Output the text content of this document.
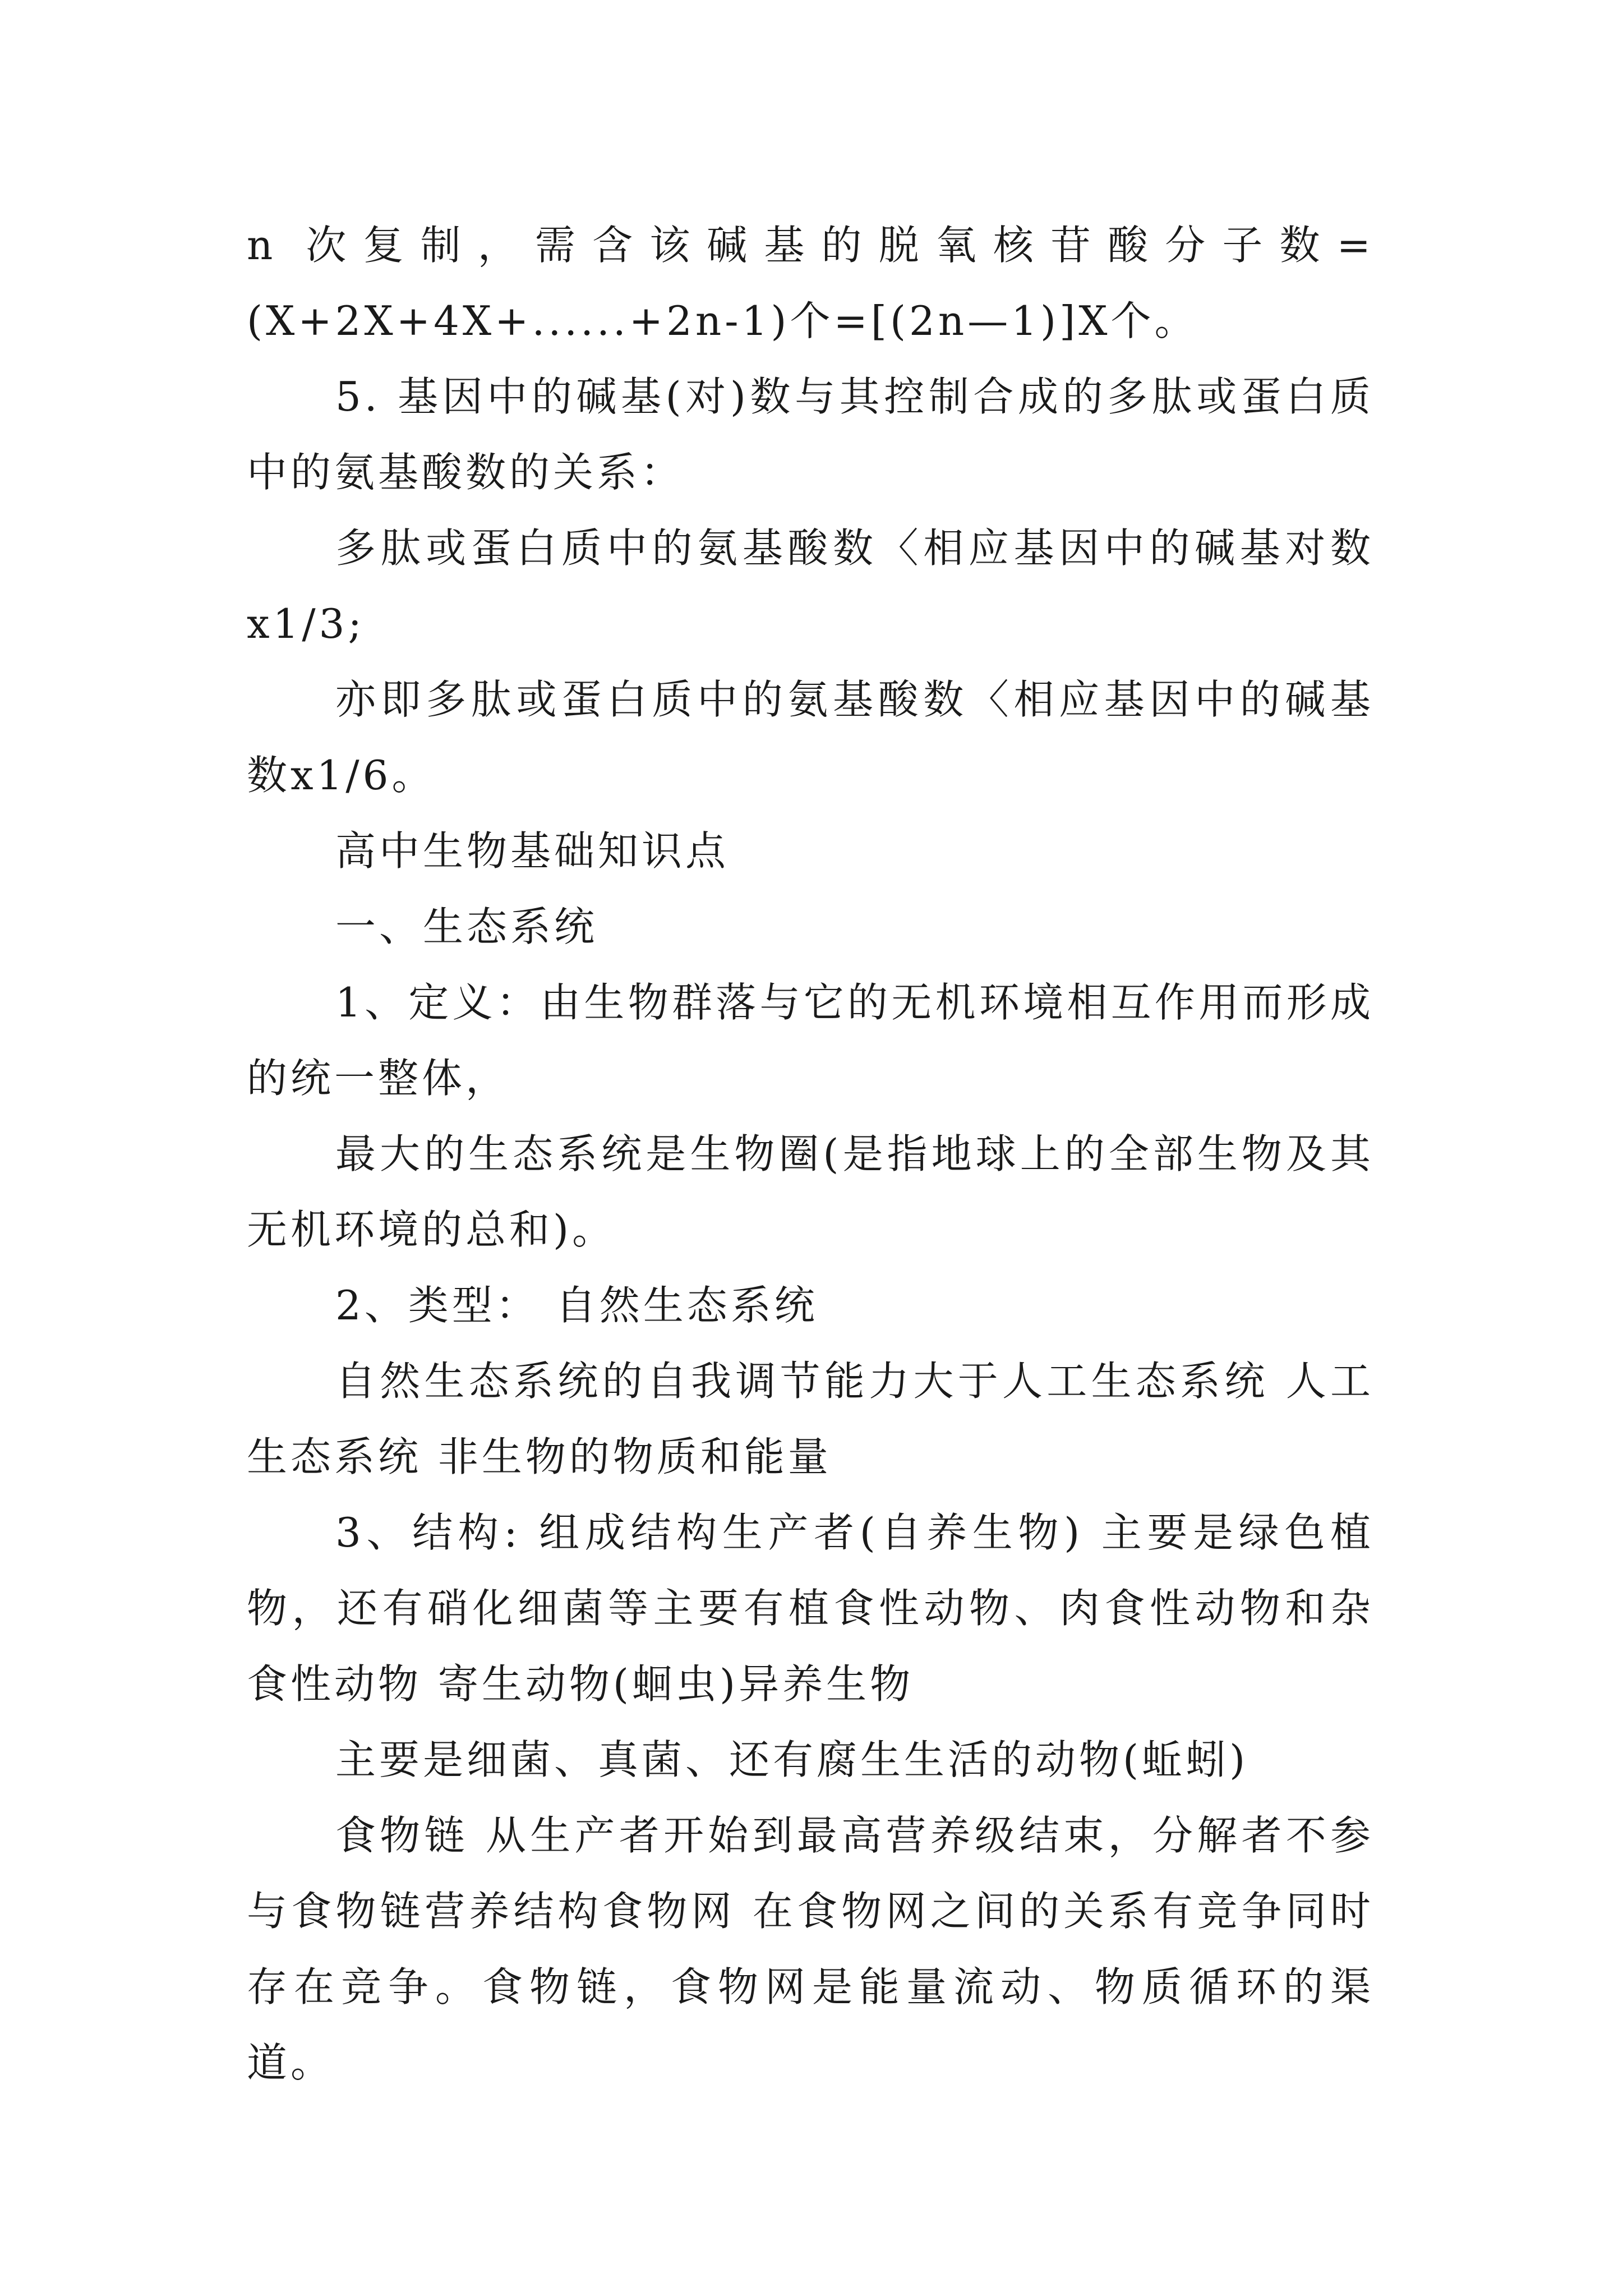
n 次复制，需含该碱基的脱氧核苷酸分子数=(X+2X+4X+......+2n-1)个=[(2n—1)]X个。

5. 基因中的碱基(对)数与其控制合成的多肽或蛋白质中的氨基酸数的关系：

多肽或蛋白质中的氨基酸数〈相应基因中的碱基对数x1/3;

亦即多肽或蛋白质中的氨基酸数〈相应基因中的碱基数x1/6。

高中生物基础知识点

一、生态系统

1、定义：由生物群落与它的无机环境相互作用而形成的统一整体，

最大的生态系统是生物圈(是指地球上的全部生物及其无机环境的总和)。

2、类型： 自然生态系统

自然生态系统的自我调节能力大于人工生态系统 人工生态系统 非生物的物质和能量

3、结构: 组成结构生产者(自养生物) 主要是绿色植物，还有硝化细菌等主要有植食性动物、肉食性动物和杂食性动物 寄生动物(蛔虫)异养生物

主要是细菌、真菌、还有腐生生活的动物(蚯蚓)

食物链 从生产者开始到最高营养级结束，分解者不参与食物链营养结构食物网 在食物网之间的关系有竞争同时存在竞争。食物链，食物网是能量流动、物质循环的渠道。
